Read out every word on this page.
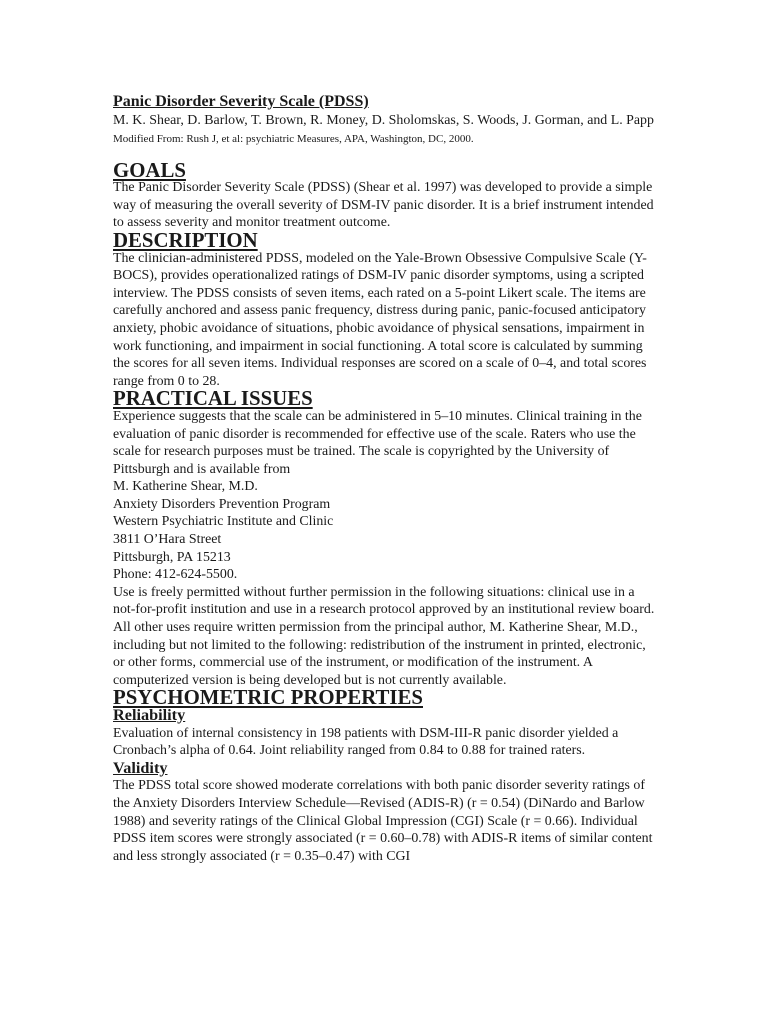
Panic Disorder Severity Scale (PDSS)

M. K. Shear, D. Barlow, T. Brown, R. Money, D. Sholomskas, S. Woods, J. Gorman, and L. Papp

Modified From: Rush J, et al: psychiatric Measures, APA, Washington, DC, 2000.

GOALS

The Panic Disorder Severity Scale (PDSS) (Shear et al. 1997) was developed to provide a simple way of measuring the overall severity of DSM-IV panic disorder. It is a brief instrument intended to assess severity and monitor treatment outcome.

DESCRIPTION

The clinician-administered PDSS, modeled on the Yale-Brown Obsessive Compulsive Scale (Y-BOCS), provides operationalized ratings of DSM-IV panic disorder symptoms, using a scripted interview. The PDSS consists of seven items, each rated on a 5-point Likert scale. The items are carefully anchored and assess panic frequency, distress during panic, panic-focused anticipatory anxiety, phobic avoidance of situations, phobic avoidance of physical sensations, impairment in work functioning, and impairment in social functioning. A total score is calculated by summing the scores for all seven items. Individual responses are scored on a scale of 0–4, and total scores range from 0 to 28.

PRACTICAL ISSUES

Experience suggests that the scale can be administered in 5–10 minutes. Clinical training in the evaluation of panic disorder is recommended for effective use of the scale. Raters who use the scale for research purposes must be trained. The scale is copyrighted by the University of Pittsburgh and is available from

M. Katherine Shear, M.D.
Anxiety Disorders Prevention Program
Western Psychiatric Institute and Clinic
3811 O’Hara Street
Pittsburgh, PA 15213
Phone: 412-624-5500.

Use is freely permitted without further permission in the following situations: clinical use in a not-for-profit institution and use in a research protocol approved by an institutional review board. All other uses require written permission from the principal author, M. Katherine Shear, M.D., including but not limited to the following: redistribution of the instrument in printed, electronic, or other forms, commercial use of the instrument, or modification of the instrument. A computerized version is being developed but is not currently available.

PSYCHOMETRIC PROPERTIES
Reliability

Evaluation of internal consistency in 198 patients with DSM-III-R panic disorder yielded a Cronbach’s alpha of 0.64. Joint reliability ranged from 0.84 to 0.88 for trained raters.

Validity

The PDSS total score showed moderate correlations with both panic disorder severity ratings of the Anxiety Disorders Interview Schedule—Revised (ADIS-R) (r = 0.54) (DiNardo and Barlow 1988) and severity ratings of the Clinical Global Impression (CGI) Scale (r = 0.66). Individual PDSS item scores were strongly associated (r = 0.60–0.78) with ADIS-R items of similar content and less strongly associated (r = 0.35–0.47) with CGI
